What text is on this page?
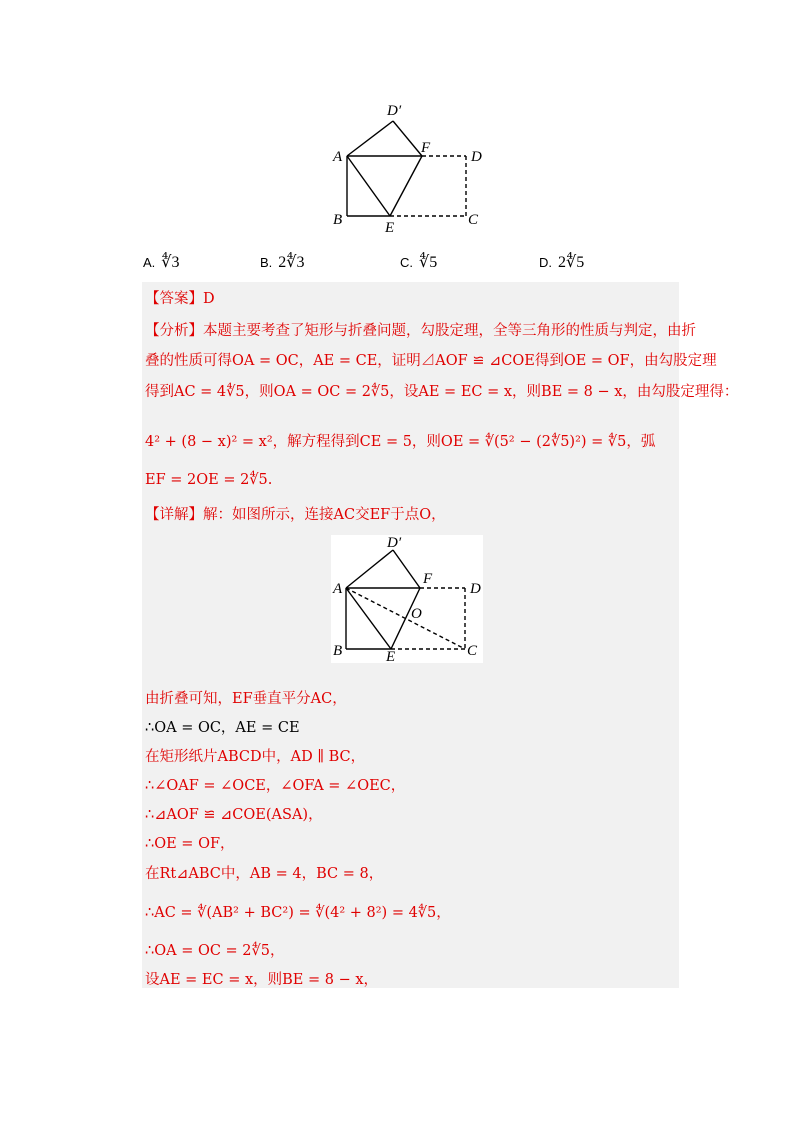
D′
A
F
D
B	E	C
A. ∜3	B. 2∜3	C. ∜5	D. 2∜5
【答案】D
【分析】本题主要考查了矩形与折叠问题，勾股定理，全等三角形的性质与判定，由折
叠的性质可得OA = OC，AE = CE，证明⊿AOF ≌ ⊿COE得到OE = OF，由勾股定理
得到AC = 4∜5，则OA = OC = 2∜5，设AE = EC = x，则BE = 8 − x，由勾股定理得：
4² + (8 − x)² = x²，解方程得到CE = 5，则OE = ∜(5² − (2∜5)²) = ∜5，弧
EF = 2OE = 2∜5.
【详解】解：如图所示，连接AC交EF于点O，
D′
A
F
D
O
B	E	C
由折叠可知，EF垂直平分AC，
∴OA = OC，AE = CE
在矩形纸片ABCD中，AD ∥ BC，
∴∠OAF = ∠OCE，∠OFA = ∠OEC，
∴⊿AOF ≌ ⊿COE(ASA)，
∴OE = OF，
在Rt⊿ABC中，AB = 4，BC = 8，
∴AC = ∜(AB² + BC²) = ∜(4² + 8²) = 4∜5，
∴OA = OC = 2∜5，
设AE = EC = x，则BE = 8 − x，
